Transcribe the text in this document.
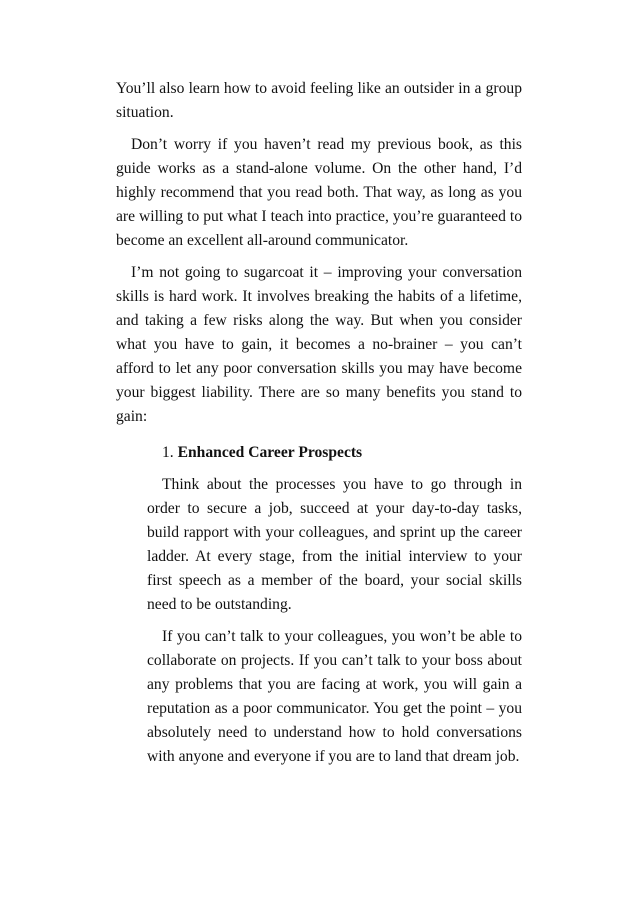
You’ll also learn how to avoid feeling like an outsider in a group situation.

Don’t worry if you haven’t read my previous book, as this guide works as a stand-alone volume. On the other hand, I’d highly recommend that you read both. That way, as long as you are willing to put what I teach into practice, you’re guaranteed to become an excellent all-around communicator.

I’m not going to sugarcoat it – improving your conversation skills is hard work. It involves breaking the habits of a lifetime, and taking a few risks along the way. But when you consider what you have to gain, it becomes a no-brainer – you can’t afford to let any poor conversation skills you may have become your biggest liability. There are so many benefits you stand to gain:

1. Enhanced Career Prospects

Think about the processes you have to go through in order to secure a job, succeed at your day-to-day tasks, build rapport with your colleagues, and sprint up the career ladder. At every stage, from the initial interview to your first speech as a member of the board, your social skills need to be outstanding.

If you can’t talk to your colleagues, you won’t be able to collaborate on projects. If you can’t talk to your boss about any problems that you are facing at work, you will gain a reputation as a poor communicator. You get the point – you absolutely need to understand how to hold conversations with anyone and everyone if you are to land that dream job.
